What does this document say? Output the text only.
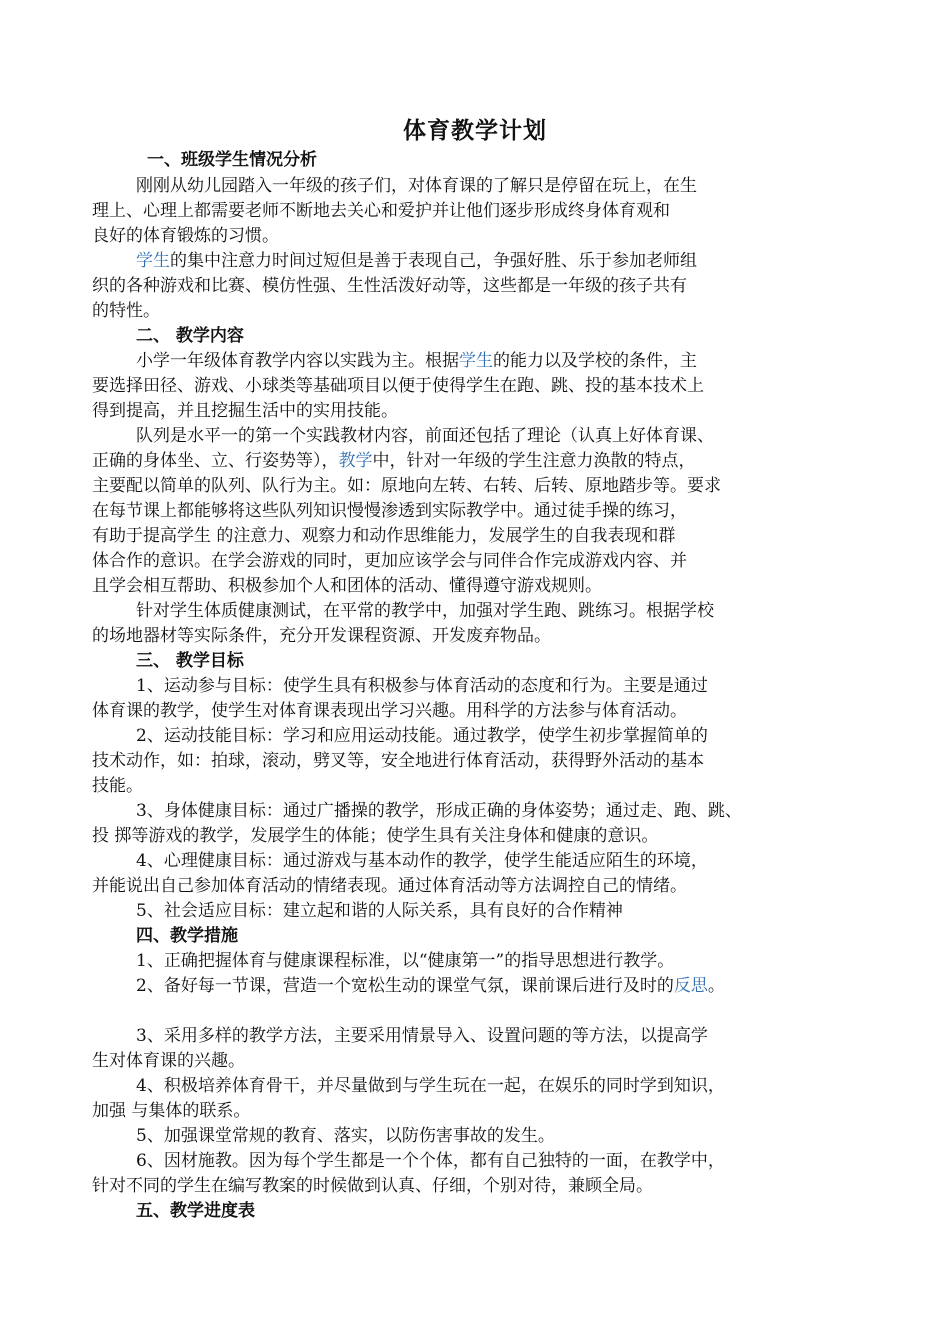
体育教学计划
一、班级学生情况分析
刚刚从幼儿园踏入一年级的孩子们，对体育课的了解只是停留在玩上，在生
理上、心理上都需要老师不断地去关心和爱护并让他们逐步形成终身体育观和
良好的体育锻炼的习惯。
学生的集中注意力时间过短但是善于表现自己，争强好胜、乐于参加老师组
织的各种游戏和比赛、模仿性强、生性活泼好动等，这些都是一年级的孩子共有
的特性。
二、 教学内容
小学一年级体育教学内容以实践为主。根据学生的能力以及学校的条件，主
要选择田径、游戏、小球类等基础项目以便于使得学生在跑、跳、投的基本技术上
得到提高，并且挖掘生活中的实用技能。
队列是水平一的第一个实践教材内容，前面还包括了理论（认真上好体育课、
正确的身体坐、立、行姿势等），教学中，针对一年级的学生注意力涣散的特点，
主要配以简单的队列、队行为主。如：原地向左转、右转、后转、原地踏步等。要求
在每节课上都能够将这些队列知识慢慢渗透到实际教学中。通过徒手操的练习，
有助于提高学生 的注意力、观察力和动作思维能力，发展学生的自我表现和群
体合作的意识。在学会游戏的同时，更加应该学会与同伴合作完成游戏内容、并
且学会相互帮助、积极参加个人和团体的活动、懂得遵守游戏规则。
针对学生体质健康测试，在平常的教学中，加强对学生跑、跳练习。根据学校
的场地器材等实际条件，充分开发课程资源、开发废弃物品。
三、 教学目标
1、运动参与目标：使学生具有积极参与体育活动的态度和行为。主要是通过
体育课的教学，使学生对体育课表现出学习兴趣。用科学的方法参与体育活动。
2、运动技能目标：学习和应用运动技能。通过教学，使学生初步掌握简单的
技术动作，如：拍球，滚动，劈叉等，安全地进行体育活动，获得野外活动的基本
技能。
3、身体健康目标：通过广播操的教学，形成正确的身体姿势；通过走、跑、跳、
投 掷等游戏的教学，发展学生的体能；使学生具有关注身体和健康的意识。
4、心理健康目标：通过游戏与基本动作的教学，使学生能适应陌生的环境，
并能说出自己参加体育活动的情绪表现。通过体育活动等方法调控自己的情绪。
5、社会适应目标：建立起和谐的人际关系，具有良好的合作精神
四、教学措施
1、正确把握体育与健康课程标准，以“健康第一”的指导思想进行教学。
2、备好每一节课，营造一个宽松生动的课堂气氛，课前课后进行及时的反思。
3、采用多样的教学方法，主要采用情景导入、设置问题的等方法，以提高学
生对体育课的兴趣。
4、积极培养体育骨干，并尽量做到与学生玩在一起，在娱乐的同时学到知识，
加强 与集体的联系。
5、加强课堂常规的教育、落实，以防伤害事故的发生。
6、因材施教。因为每个学生都是一个个体，都有自己独特的一面，在教学中，
针对不同的学生在编写教案的时候做到认真、仔细，个别对待，兼顾全局。
五、教学进度表
